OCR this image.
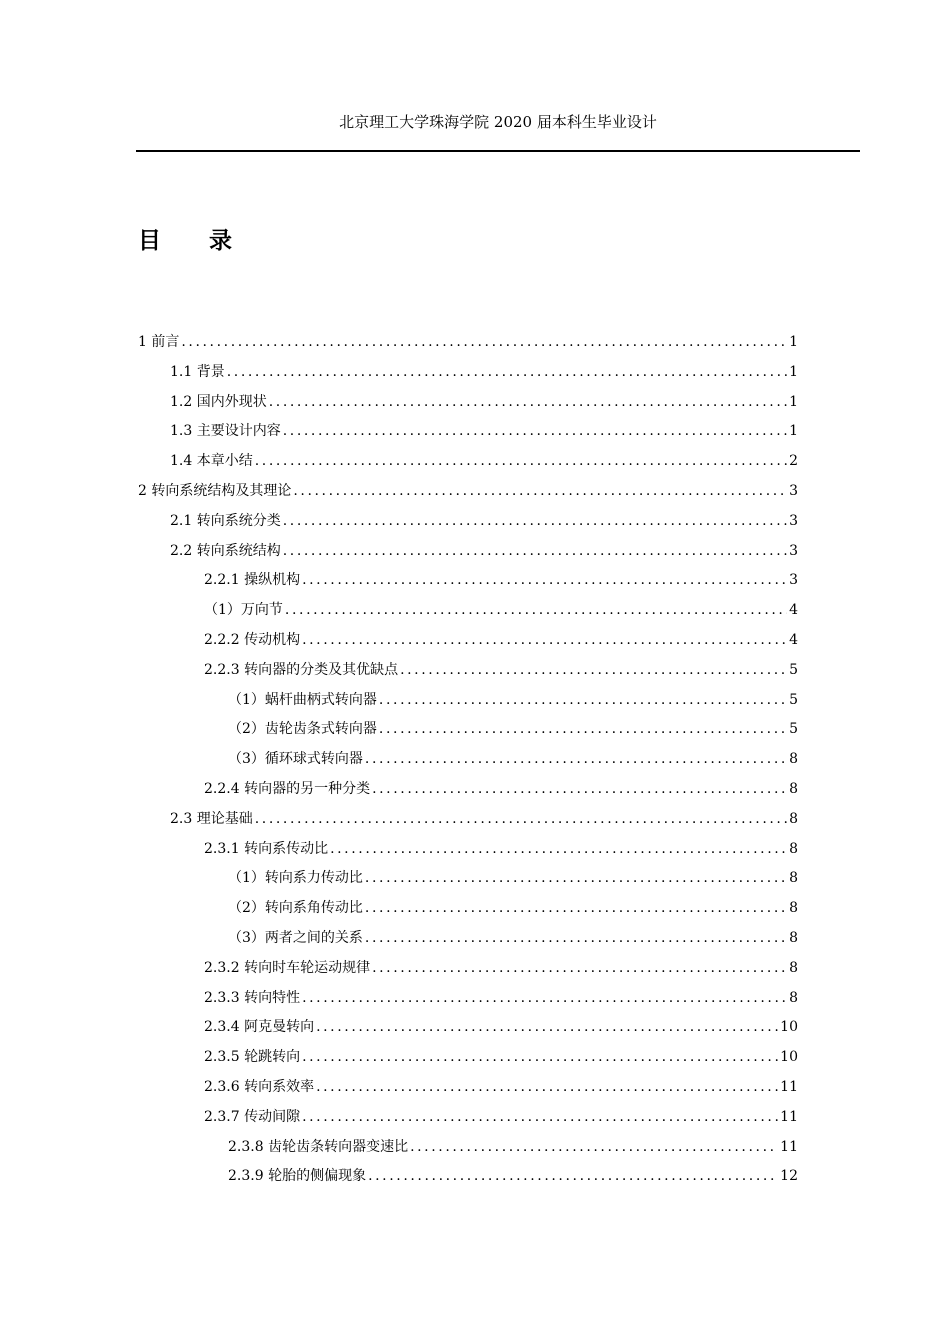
北京理工大学珠海学院 2020 届本科生毕业设计
目 录
1 前言 .....	1
1.1 背景 .....	1
1.2 国内外现状 .....	1
1.3 主要设计内容 .....	1
1.4 本章小结 .....	2
2 转向系统结构及其理论 .....	3
2.1 转向系统分类 .....	3
2.2 转向系统结构 .....	3
2.2.1 操纵机构 .....	3
（1）万向节 .....	4
2.2.2 传动机构 .....	4
2.2.3 转向器的分类及其优缺点 .....	5
（1）蜗杆曲柄式转向器 .....	5
（2）齿轮齿条式转向器 .....	5
（3）循环球式转向器 .....	8
2.2.4 转向器的另一种分类 .....	8
2.3 理论基础 .....	8
2.3.1 转向系传动比 .....	8
（1）转向系力传动比 .....	8
（2）转向系角传动比 .....	8
（3）两者之间的关系 .....	8
2.3.2 转向时车轮运动规律 .....	8
2.3.3 转向特性 .....	8
2.3.4 阿克曼转向 .....	10
2.3.5 轮跳转向 .....	10
2.3.6 转向系效率 .....	11
2.3.7 传动间隙 .....	11
2.3.8 齿轮齿条转向器变速比 .....	11
2.3.9 轮胎的侧偏现象 .....	12
